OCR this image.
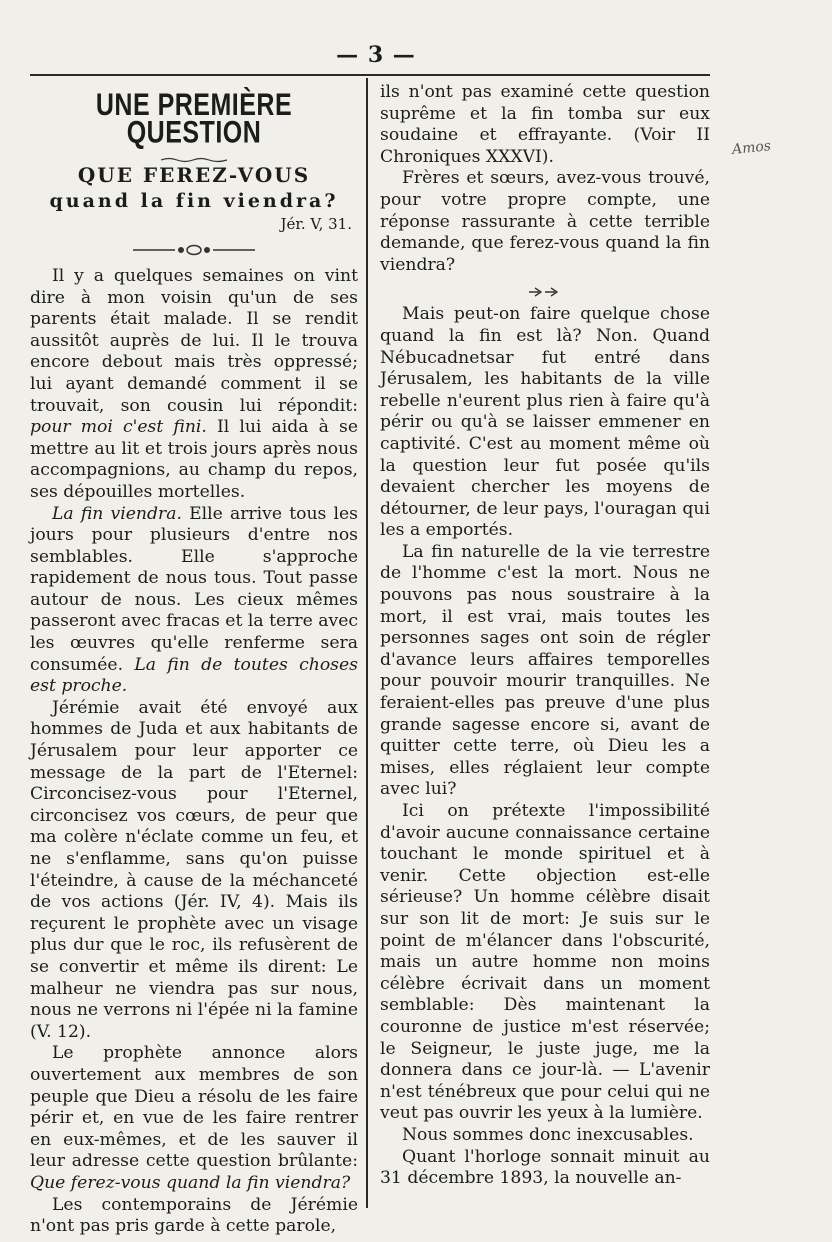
— 3 —
Amos
UNE PREMIÈRE QUESTION
QUE FEREZ-VOUS
quand la fin viendra?
Jér. V, 31.

Il y a quelques semaines on vint dire à mon voisin qu'un de ses parents était malade. Il se rendit aussitôt auprès de lui. Il le trouva encore debout mais très oppressé; lui ayant demandé comment il se trouvait, son cousin lui répondit: pour moi c'est fini. Il lui aida à se mettre au lit et trois jours après nous accompagnions, au champ du repos, ses dépouilles mortelles.

La fin viendra. Elle arrive tous les jours pour plusieurs d'entre nos semblables. Elle s'approche rapidement de nous tous. Tout passe autour de nous. Les cieux mêmes passeront avec fracas et la terre avec les œuvres qu'elle renferme sera consumée. La fin de toutes choses est proche.

Jérémie avait été envoyé aux hommes de Juda et aux habitants de Jérusalem pour leur apporter ce message de la part de l'Eternel: Circoncisez-vous pour l'Eternel, circoncisez vos cœurs, de peur que ma colère n'éclate comme un feu, et ne s'enflamme, sans qu'on puisse l'éteindre, à cause de la méchanceté de vos actions (Jér. IV, 4). Mais ils reçurent le prophète avec un visage plus dur que le roc, ils refusèrent de se convertir et même ils dirent: Le malheur ne viendra pas sur nous, nous ne verrons ni l'épée ni la famine (V. 12).

Le prophète annonce alors ouvertement aux membres de son peuple que Dieu a résolu de les faire périr et, en vue de les faire rentrer en eux-mêmes, et de les sauver il leur adresse cette question brûlante: Que ferez-vous quand la fin viendra?

Les contemporains de Jérémie n'ont pas pris garde à cette parole,

ils n'ont pas examiné cette question suprême et la fin tomba sur eux soudaine et effrayante. (Voir II Chroniques XXXVI).

Frères et sœurs, avez-vous trouvé, pour votre propre compte, une réponse rassurante à cette terrible demande, que ferez-vous quand la fin viendra?

Mais peut-on faire quelque chose quand la fin est là? Non. Quand Nébucadnetsar fut entré dans Jérusalem, les habitants de la ville rebelle n'eurent plus rien à faire qu'à périr ou qu'à se laisser emmener en captivité. C'est au moment même où la question leur fut posée qu'ils devaient chercher les moyens de détourner, de leur pays, l'ouragan qui les a emportés.

La fin naturelle de la vie terrestre de l'homme c'est la mort. Nous ne pouvons pas nous soustraire à la mort, il est vrai, mais toutes les personnes sages ont soin de régler d'avance leurs affaires temporelles pour pouvoir mourir tranquilles. Ne feraient-elles pas preuve d'une plus grande sagesse encore si, avant de quitter cette terre, où Dieu les a mises, elles réglaient leur compte avec lui?

Ici on prétexte l'impossibilité d'avoir aucune connaissance certaine touchant le monde spirituel et à venir. Cette objection est-elle sérieuse? Un homme célèbre disait sur son lit de mort: Je suis sur le point de m'élancer dans l'obscurité, mais un autre homme non moins célèbre écrivait dans un moment semblable: Dès maintenant la couronne de justice m'est réservée; le Seigneur, le juste juge, me la donnera dans ce jour-là. — L'avenir n'est ténébreux que pour celui qui ne veut pas ouvrir les yeux à la lumière.

Nous sommes donc inexcusables.

Quant l'horloge sonnait minuit au 31 décembre 1893, la nouvelle an-
